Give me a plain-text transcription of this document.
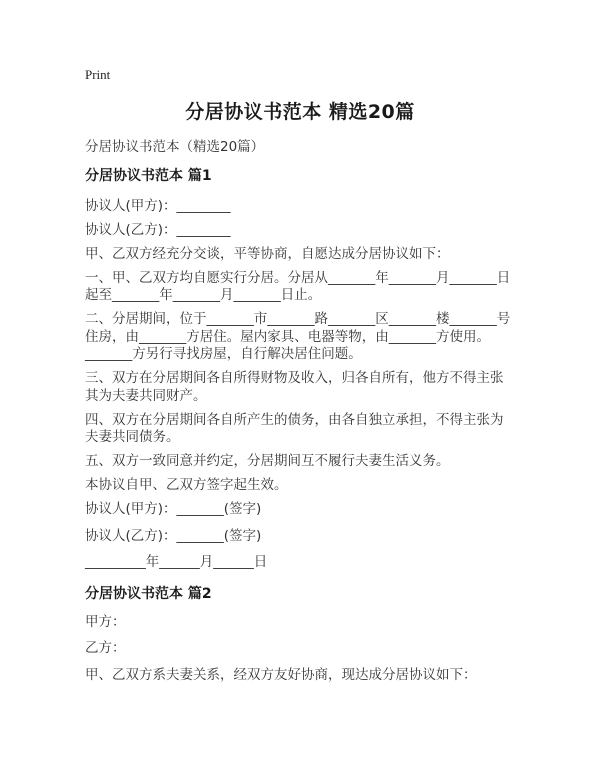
Print
分居协议书范本 精选20篇

分居协议书范本（精选20篇）

分居协议书范本 篇1

协议人(甲方)：________

协议人(乙方)：________

甲、乙双方经充分交谈，平等协商，自愿达成分居协议如下：

一、甲、乙双方均自愿实行分居。分居从_______年_______月_______日起至_______年_______月_______日止。

二、分居期间，位于_______市_______路_______区_______楼_______号住房，由_______方居住。屋内家具、电器等物，由_______方使用。_______方另行寻找房屋，自行解决居住问题。

三、双方在分居期间各自所得财物及收入，归各自所有，他方不得主张其为夫妻共同财产。

四、双方在分居期间各自所产生的债务，由各自独立承担，不得主张为夫妻共同债务。

五、双方一致同意并约定，分居期间互不履行夫妻生活义务。

本协议自甲、乙双方签字起生效。

协议人(甲方)：_______(签字)

协议人(乙方)：_______(签字)

_________年______月______日

分居协议书范本 篇2

甲方：

乙方：

甲、乙双方系夫妻关系，经双方友好协商，现达成分居协议如下：
